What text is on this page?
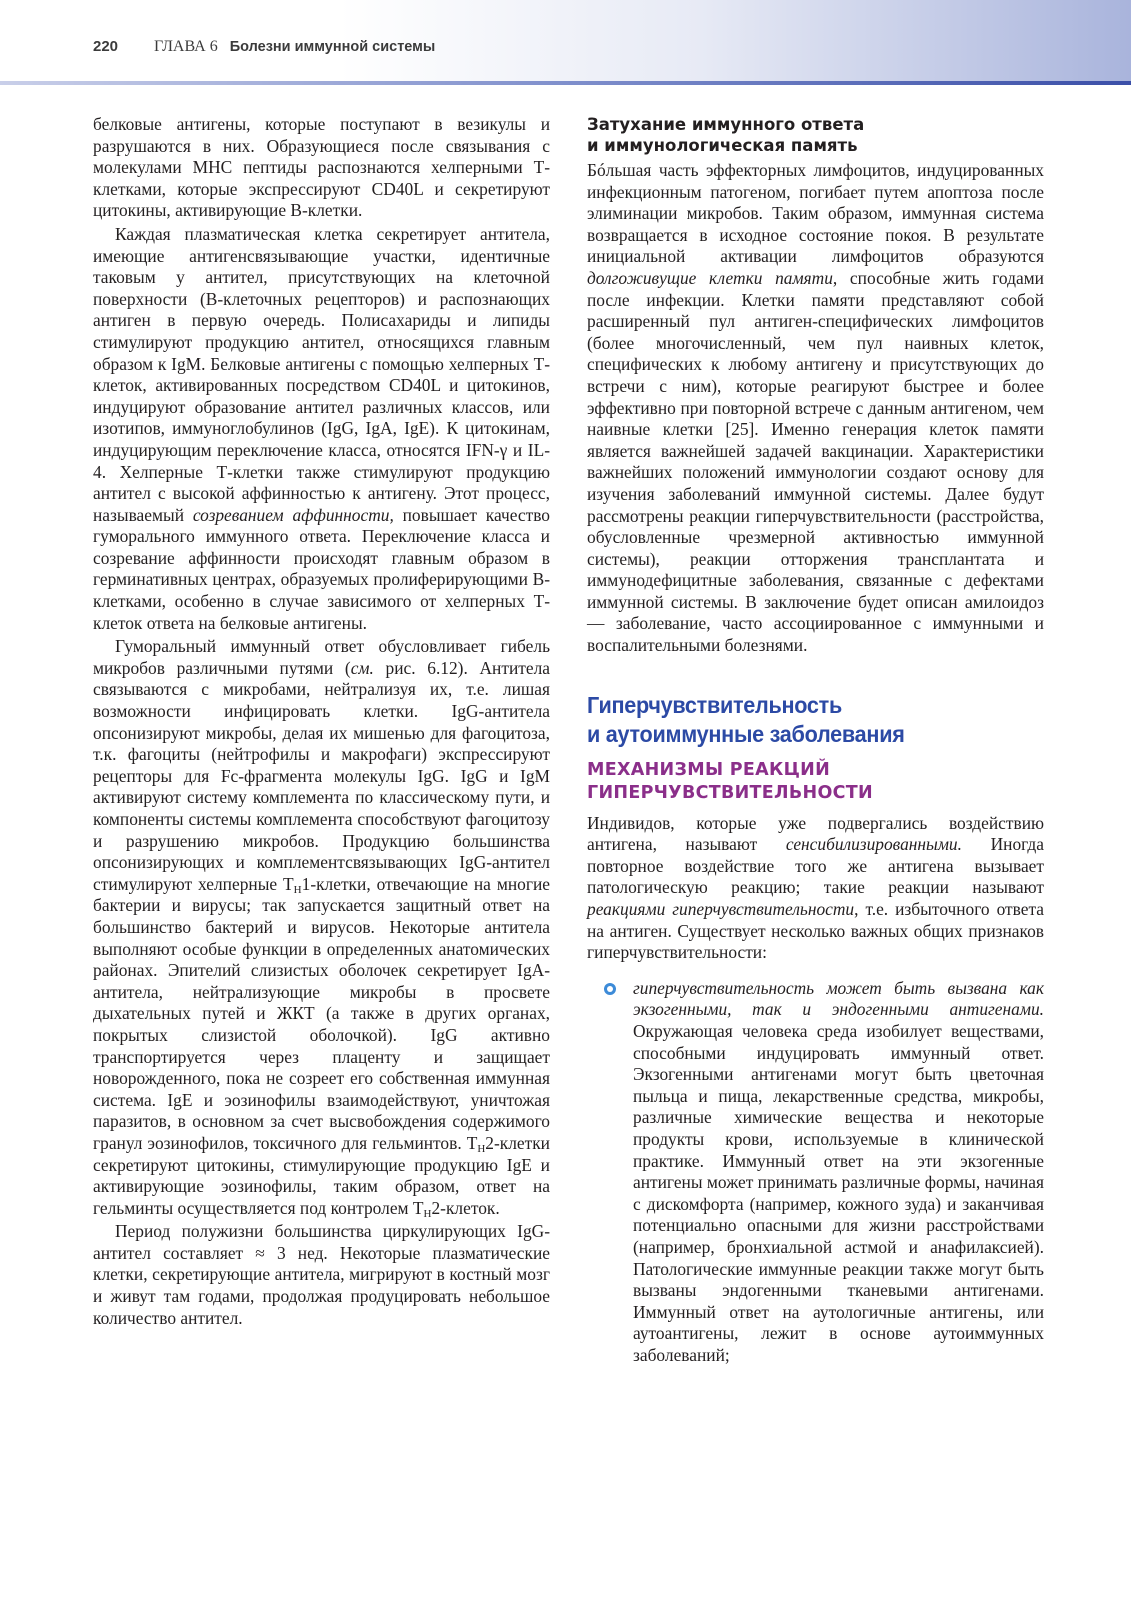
220 ГЛАВА 6 Болезни иммунной системы

белковые антигены, которые поступают в везикулы и разрушаются в них. Образующиеся после связывания с молекулами МНС пептиды распознаются хелперными Т-клетками, которые экспрессируют CD40L и секретируют цитокины, активирующие В-клетки.

Каждая плазматическая клетка секретирует антитела, имеющие антигенсвязывающие участки, идентичные таковым у антител, присутствующих на клеточной поверхности (В-клеточных рецепторов) и распознающих антиген в первую очередь. Полисахариды и липиды стимулируют продукцию антител, относящихся главным образом к IgM. Белковые антигены с помощью хелперных Т-клеток, активированных посредством CD40L и цитокинов, индуцируют образование антител различных классов, или изотипов, иммуноглобулинов (IgG, IgA, IgE). К цитокинам, индуцирующим переключение класса, относятся IFN-γ и IL-4. Хелперные Т-клетки также стимулируют продукцию антител с высокой аффинностью к антигену. Этот процесс, называемый созреванием аффинности, повышает качество гуморального иммунного ответа. Переключение класса и созревание аффинности происходят главным образом в герминативных центрах, образуемых пролиферирующими В-клетками, особенно в случае зависимого от хелперных Т-клеток ответа на белковые антигены.

Гуморальный иммунный ответ обусловливает гибель микробов различными путями (см. рис. 6.12). Антитела связываются с микробами, нейтрализуя их, т.е. лишая возможности инфицировать клетки. IgG-антитела опсонизируют микробы, делая их мишенью для фагоцитоза, т.к. фагоциты (нейтрофилы и макрофаги) экспрессируют рецепторы для Fc-фрагмента молекулы IgG. IgG и IgM активируют систему комплемента по классическому пути, и компоненты системы комплемента способствуют фагоцитозу и разрушению микробов. Продукцию большинства опсонизирующих и комплементсвязывающих IgG-антител стимулируют хелперные $T_H1$-клетки, отвечающие на многие бактерии и вирусы; так запускается защитный ответ на большинство бактерий и вирусов. Некоторые антитела выполняют особые функции в определенных анатомических районах. Эпителий слизистых оболочек секретирует IgA-антитела, нейтрализующие микробы в просвете дыхательных путей и ЖКТ (а также в других органах, покрытых слизистой оболочкой). IgG активно транспортируется через плаценту и защищает новорожденного, пока не созреет его собственная иммунная система. IgE и эозинофилы взаимодействуют, уничтожая паразитов, в основном за счет высвобождения содержимого гранул эозинофилов, токсичного для гельминтов. $T_H2$-клетки секретируют цитокины, стимулирующие продукцию IgE и активирующие эозинофилы, таким образом, ответ на гельминты осуществляется под контролем $T_H2$-клеток.

Период полужизни большинства циркулирующих IgG-антител составляет ≈ 3 нед. Некоторые плазматические клетки, секретирующие антитела, мигрируют в костный мозг и живут там годами, продолжая продуцировать небольшое количество антител.

Затухание иммунного ответа
и иммунологическая память

Бóльшая часть эффекторных лимфоцитов, индуцированных инфекционным патогеном, погибает путем апоптоза после элиминации микробов. Таким образом, иммунная система возвращается в исходное состояние покоя. В результате инициальной активации лимфоцитов образуются долгоживущие клетки памяти, способные жить годами после инфекции. Клетки памяти представляют собой расширенный пул антиген-специфических лимфоцитов (более многочисленный, чем пул наивных клеток, специфических к любому антигену и присутствующих до встречи с ним), которые реагируют быстрее и более эффективно при повторной встрече с данным антигеном, чем наивные клетки [25]. Именно генерация клеток памяти является важнейшей задачей вакцинации. Характеристики важнейших положений иммунологии создают основу для изучения заболеваний иммунной системы. Далее будут рассмотрены реакции гиперчувствительности (расстройства, обусловленные чрезмерной активностью иммунной системы), реакции отторжения трансплантата и иммунодефицитные заболевания, связанные с дефектами иммунной системы. В заключение будет описан амилоидоз — заболевание, часто ассоциированное с иммунными и воспалительными болезнями.

Гиперчувствительность
и аутоиммунные заболевания
МЕХАНИЗМЫ РЕАКЦИЙ
ГИПЕРЧУВСТВИТЕЛЬНОСТИ

Индивидов, которые уже подвергались воздействию антигена, называют сенсибилизированными. Иногда повторное воздействие того же антигена вызывает патологическую реакцию; такие реакции называют реакциями гиперчувствительности, т.е. избыточного ответа на антиген. Существует несколько важных общих признаков гиперчувствительности:

гиперчувствительность может быть вызвана как экзогенными, так и эндогенными антигенами. Окружающая человека среда изобилует веществами, способными индуцировать иммунный ответ. Экзогенными антигенами могут быть цветочная пыльца и пища, лекарственные средства, микробы, различные химические вещества и некоторые продукты крови, используемые в клинической практике. Иммунный ответ на эти экзогенные антигены может принимать различные формы, начиная с дискомфорта (например, кожного зуда) и заканчивая потенциально опасными для жизни расстройствами (например, бронхиальной астмой и анафилаксией). Патологические иммунные реакции также могут быть вызваны эндогенными тканевыми антигенами. Иммунный ответ на аутологичные антигены, или аутоантигены, лежит в основе аутоиммунных заболеваний;
